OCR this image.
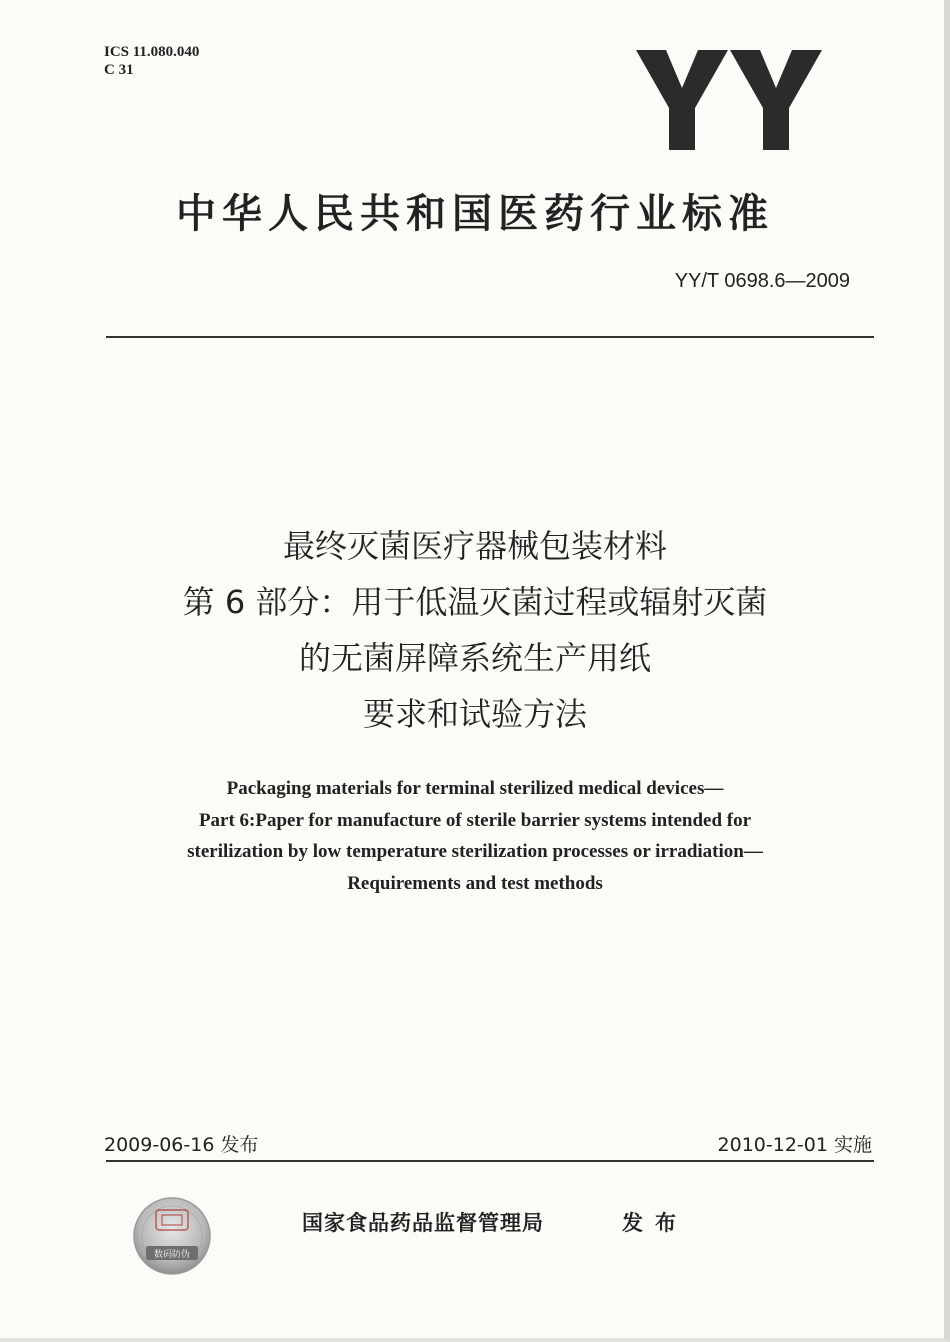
ICS 11.080.040
C 31
YY
中华人民共和国医药行业标准
YY/T 0698.6—2009
最终灭菌医疗器械包装材料
第 6 部分：用于低温灭菌过程或辐射灭菌
的无菌屏障系统生产用纸
要求和试验方法
Packaging materials for terminal sterilized medical devices—
Part 6:Paper for manufacture of sterile barrier systems intended for
sterilization by low temperature sterilization processes or irradiation—
Requirements and test methods
2009-06-16 发布	2010-12-01 实施
数码防伪
国家食品药品监督管理局	发布
